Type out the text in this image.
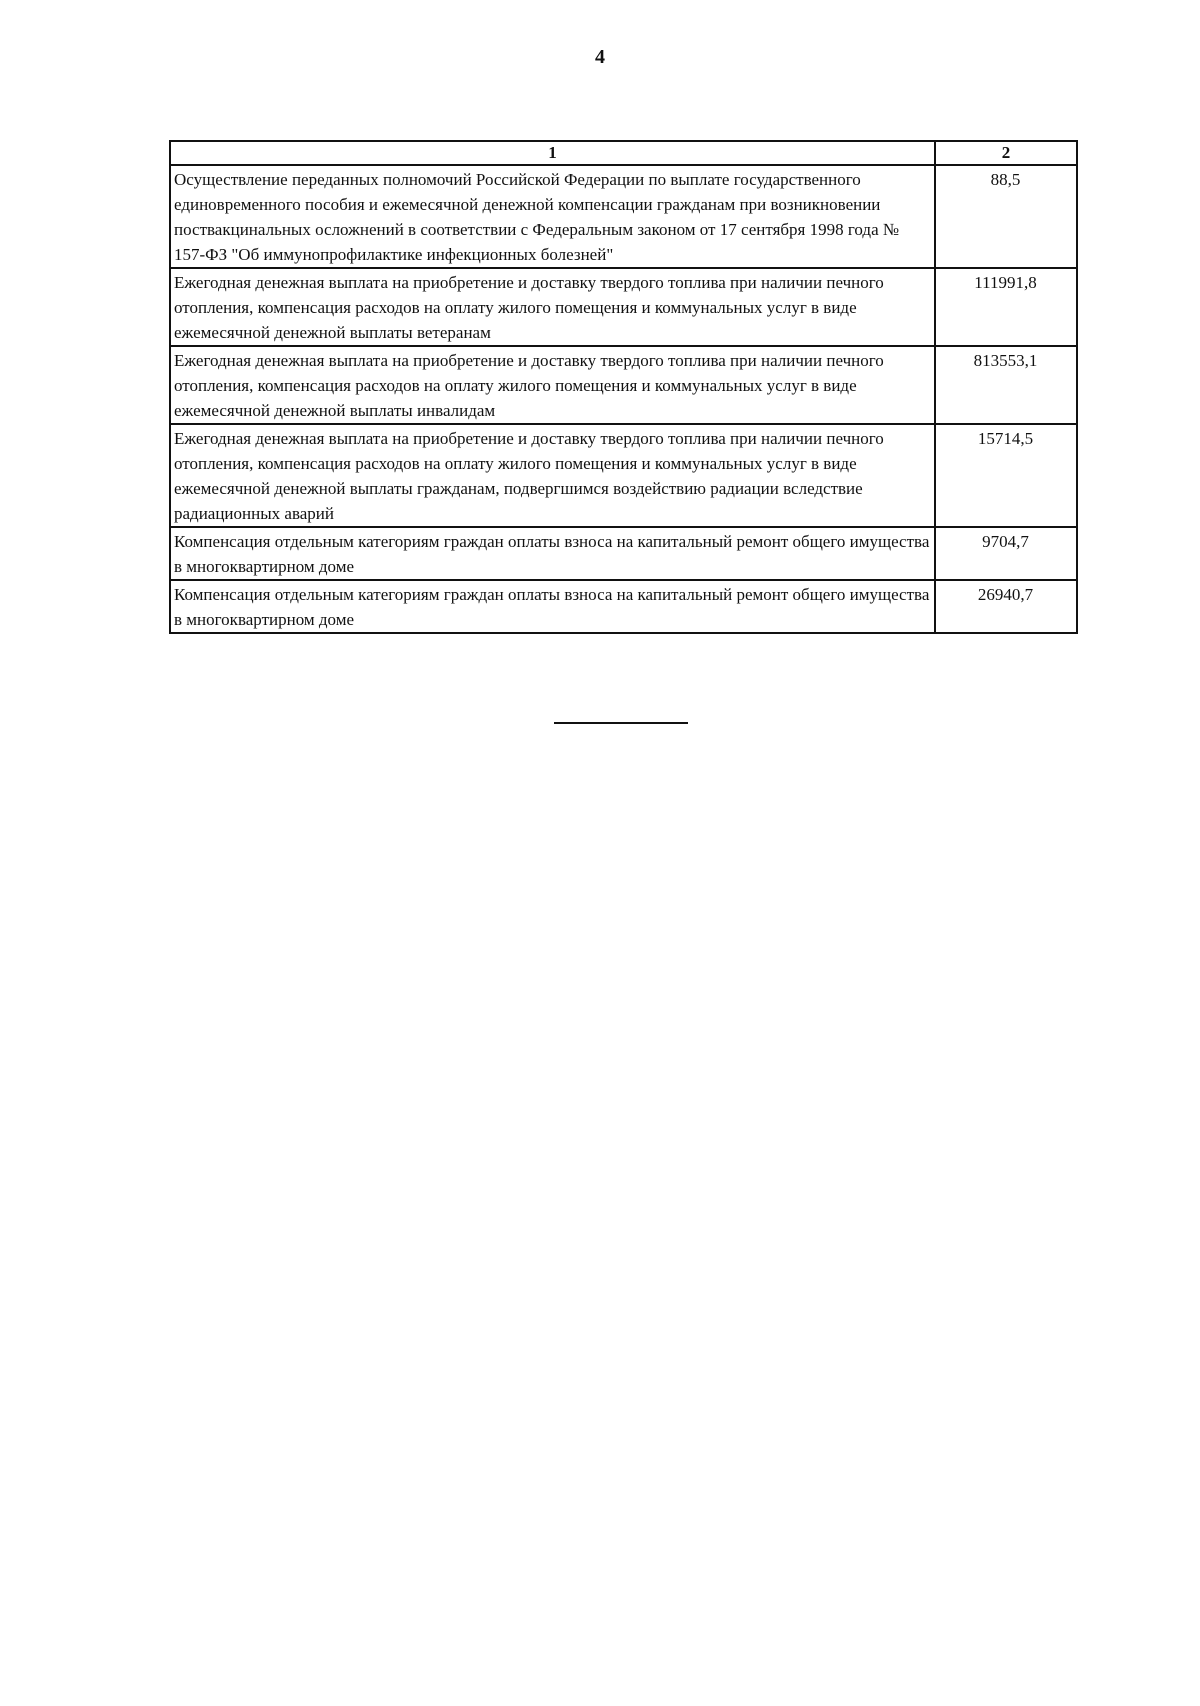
4
1	2
Осуществление переданных полномочий Российской Федерации по выплате государственного единовременного пособия и ежемесячной денежной компенсации гражданам при возникновении поствакцинальных осложнений в соответствии с Федеральным законом от 17 сентября 1998 года № 157-ФЗ "Об иммунопрофилактике инфекционных болезней"	88,5
Ежегодная денежная выплата на приобретение и доставку твердого топлива при наличии печного отопления, компенсация расходов на оплату жилого помещения и коммунальных услуг в виде ежемесячной денежной выплаты ветеранам	111991,8
Ежегодная денежная выплата на приобретение и доставку твердого топлива при наличии печного отопления, компенсация расходов на оплату жилого помещения и коммунальных услуг в виде ежемесячной денежной выплаты инвалидам	813553,1
Ежегодная денежная выплата на приобретение и доставку твердого топлива при наличии печного отопления, компенсация расходов на оплату жилого помещения и коммунальных услуг в виде ежемесячной денежной выплаты гражданам, подвергшимся воздействию радиации вследствие радиационных аварий	15714,5
Компенсация отдельным категориям граждан оплаты взноса на капитальный ремонт общего имущества в многоквартирном доме	9704,7
Компенсация отдельным категориям граждан оплаты взноса на капитальный ремонт общего имущества в многоквартирном доме	26940,7
